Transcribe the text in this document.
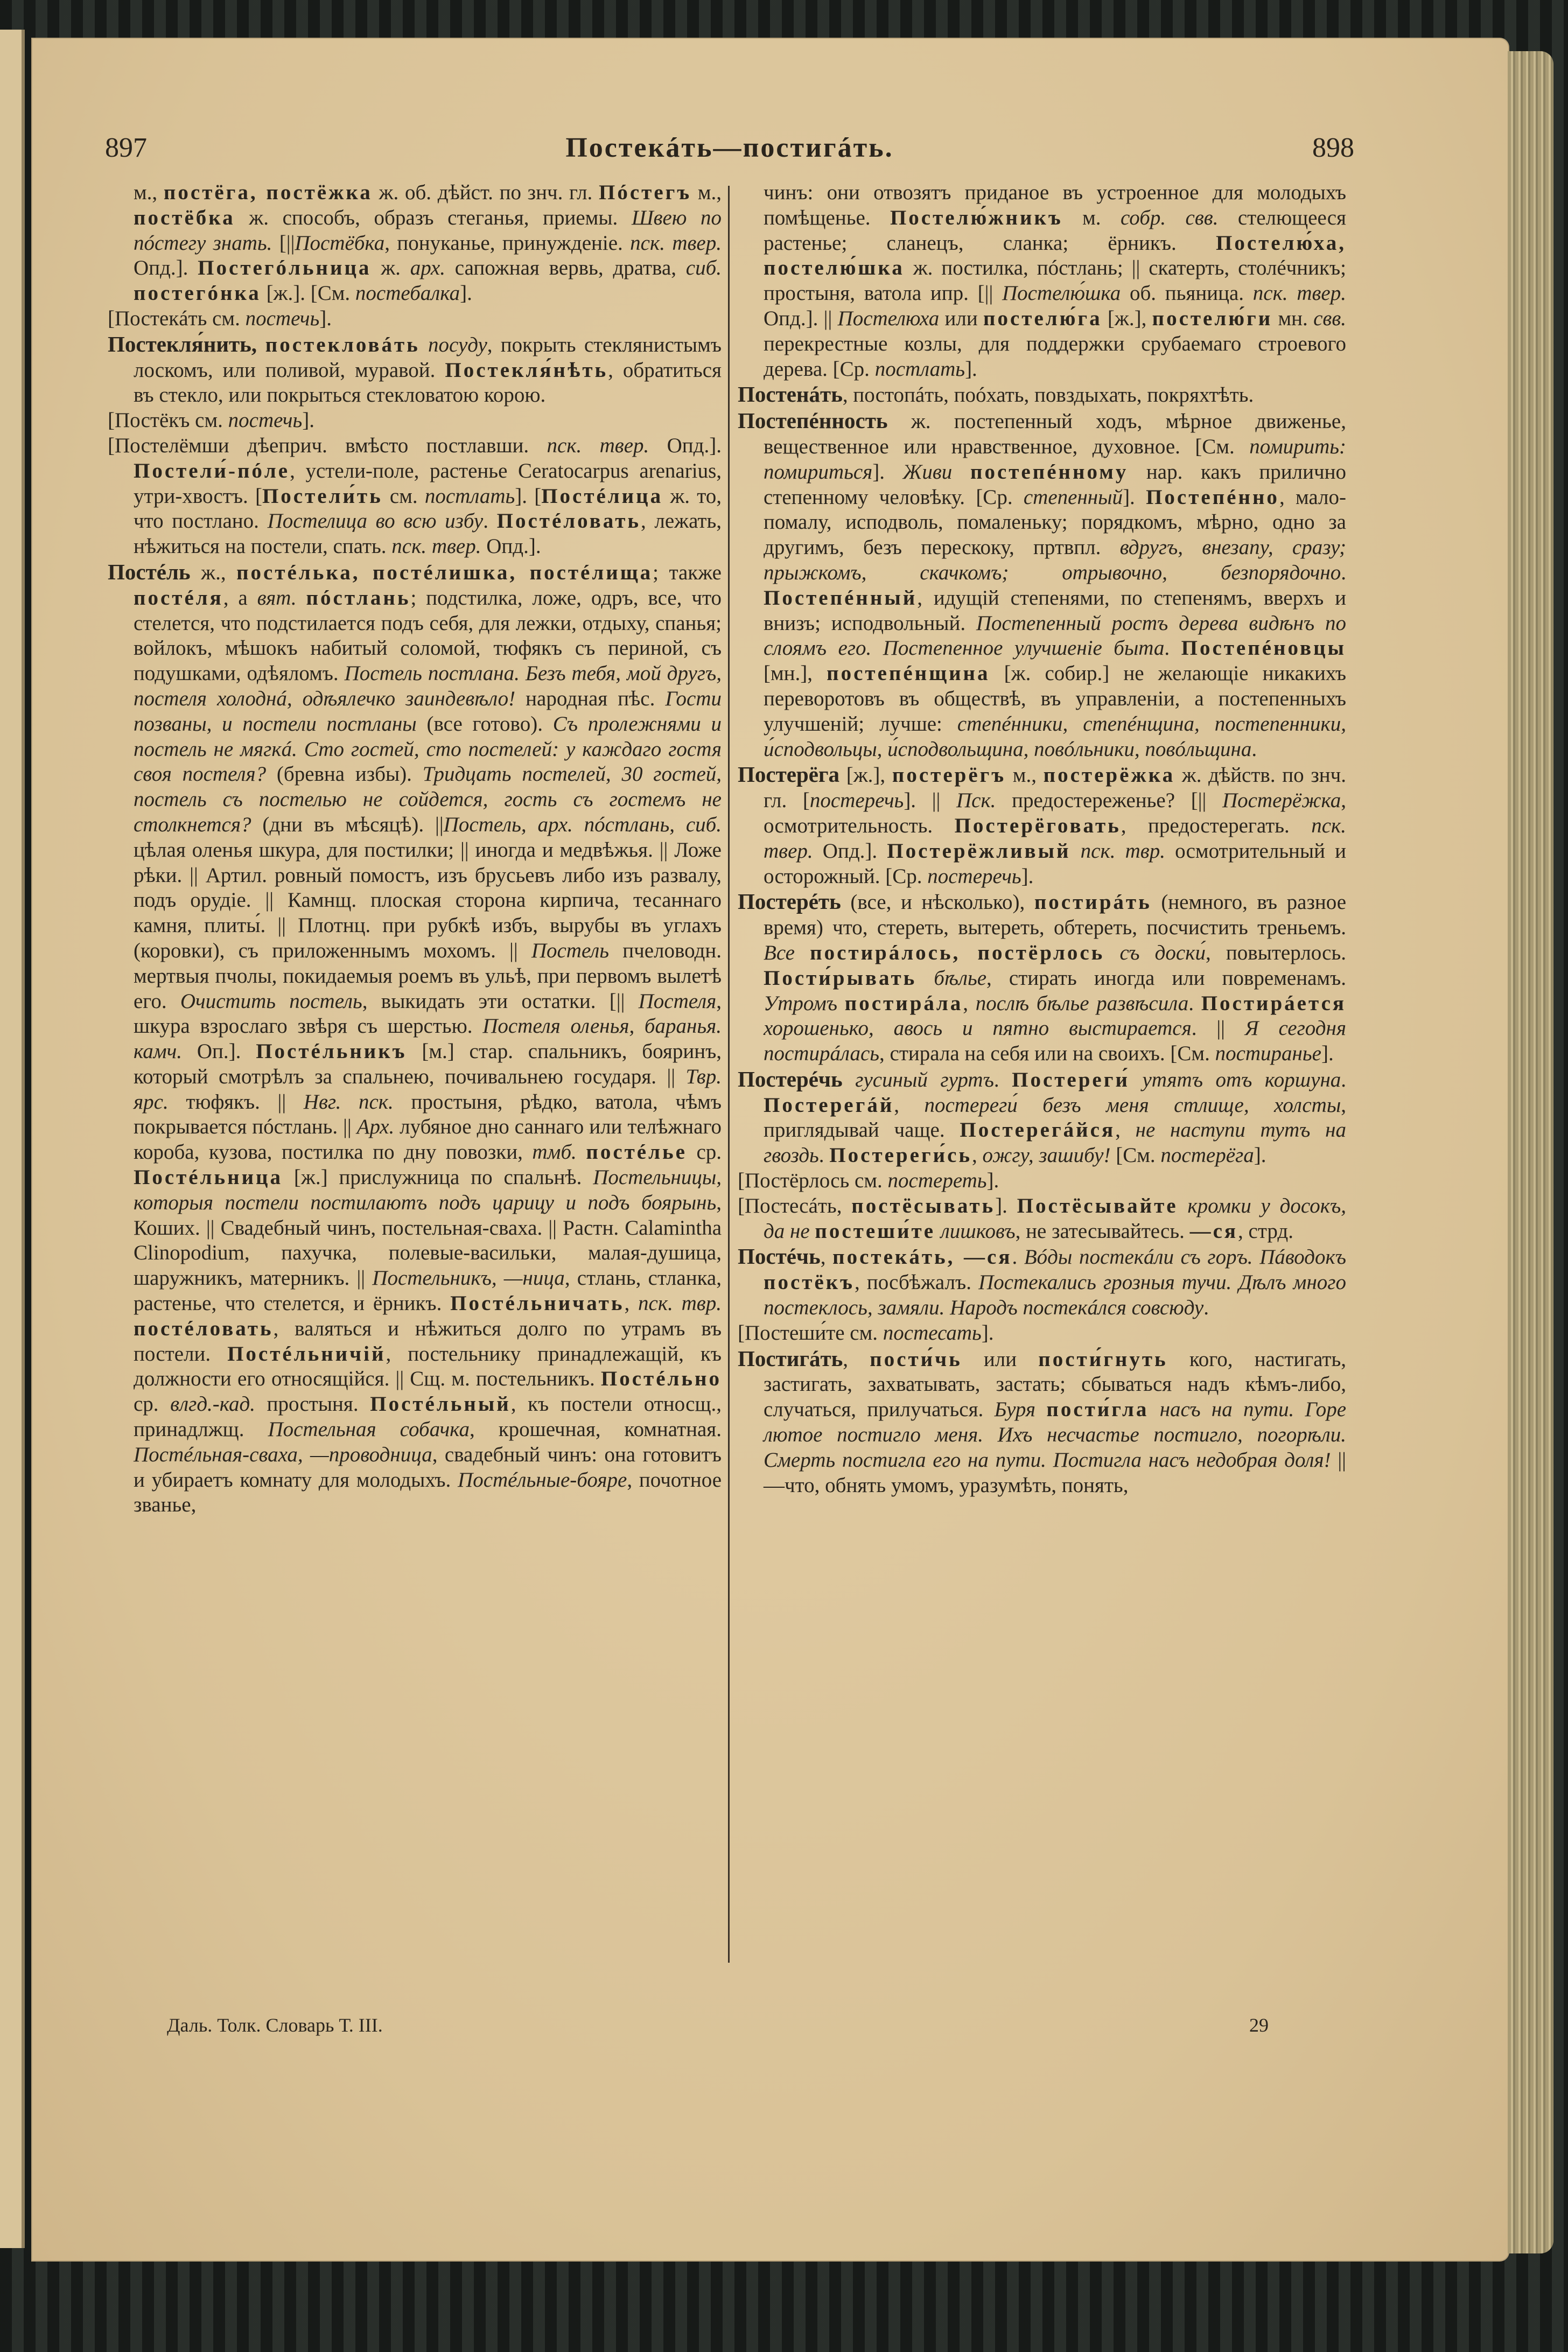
897	Постекáть—постигáть.	898

м., постёга, постёжка ж. об. дѣйст. по знч. гл. Пóстегъ м., постёбка ж. способъ, образъ стеганья, приемы. Швею по пóстегу знать. [||Постёбка, понуканье, принужденіе. пск. твер. Опд.]. Постегóльница ж. арх. сапожная вервь, дратва, сиб. постегóнка [ж.]. [См. постебалка].

[Постекáть см. постечь].

Постекля́нить, постекловáть посуду, покрыть стеклянистымъ лоскомъ, или поливой, муравой. Постекля́нѣть, обратиться въ стекло, или покрыться стекловатою корою.

[Постёкъ см. постечь].

[Постелёмши дѣеприч. вмѣсто постлавши. пск. твер. Опд.]. Постели́-пóле, устели-поле, растенье Ceratocarpus arenarius, утри-хвостъ. [Постели́ть см. постлать]. [Постéлица ж. то, что постлано. Постелица во всю избу. Постéловать, лежать, нѣжиться на постели, спать. пск. твер. Опд.].

Постéль ж., постéлька, постéлишка, постéлища; также постéля, а вят. пóстлань; подстилка, ложе, одръ, все, что стелется, что подстилается подъ себя, для лежки, отдыху, спанья; войлокъ, мѣшокъ набитый соломой, тюфякъ съ периной, съ подушками, одѣяломъ. Постель постлана. Безъ тебя, мой другъ, постеля холоднá, одѣялечко заиндевѣло! народная пѣс. Гости позваны, и постели постланы (все готово). Съ пролежнями и постель не мягкá. Сто гостей, сто постелей: у каждаго гостя своя постеля? (бревна избы). Тридцать постелей, 30 гостей, постель съ постелью не сойдется, гость съ гостемъ не столкнется? (дни въ мѣсяцѣ). ||Постель, арх. пóстлань, сиб. цѣлая оленья шкура, для постилки; || иногда и медвѣжья. || Ложе рѣки. || Артил. ровный помостъ, изъ брусьевъ либо изъ развалу, подъ орудіе. || Камнщ. плоская сторона кирпича, тесаннаго камня, плиты́. || Плотнц. при рубкѣ избъ, вырубы въ углахъ (коровки), съ приложеннымъ мохомъ. || Постель пчеловодн. мертвыя пчолы, покидаемыя роемъ въ ульѣ, при первомъ вылетѣ его. Очистить постель, выкидать эти остатки. [|| Постеля, шкура взрослаго звѣря съ шерстью. Постеля оленья, баранья. камч. Оп.]. Постéльникъ [м.] стар. спальникъ, бояринъ, который смотрѣлъ за спальнею, почивальнею государя. || Твр. ярс. тюфякъ. || Нвг. пск. простыня, рѣдко, ватола, чѣмъ покрывается пóстлань. || Арх. лубяное дно саннаго или телѣжнаго короба, кузова, постилка по дну повозки, тмб. постéлье ср. Постéльница [ж.] прислужница по спальнѣ. Постельницы, которыя постели постилаютъ подъ царицу и подъ боярынь, Коших. || Свадебный чинъ, постельная-сваха. || Растн. Calamintha Clinopodium, пахучка, полевые-васильки, малая-душица, шаружникъ, матерникъ. || Постельникъ, —ница, стлань, стланка, растенье, что стелется, и ёрникъ. Постéльничать, пск. твр. постéловать, валяться и нѣжиться долго по утрамъ въ постели. Постéльничій, постельнику принадлежащій, къ должности его относящійся. || Сщ. м. постельникъ. Постéльно ср. влгд.-кад. простыня. Постéльный, къ постели относщ., принадлжщ. Постельная собачка, крошечная, комнатная. Постéльная-сваха, —проводница, свадебный чинъ: она готовитъ и убираетъ комнату для молодыхъ. Постéльные-бояре, почотное званье,

чинъ: они отвозятъ приданое въ устроенное для молодыхъ помѣщенье. Постелю́жникъ м. собр. свв. стелющееся растенье; сланецъ, сланка; ёрникъ. Постелю́ха, постелю́шка ж. постилка, пóстлань; || скатерть, столéчникъ; простыня, ватола ипр. [|| Постелю́шка об. пьяница. пск. твер. Опд.]. || Постелюха или постелю́га [ж.], постелю́ги мн. свв. перекрестные козлы, для поддержки срубаемаго строевого дерева. [Ср. постлать].

Постенáть, постопáть, поóхать, повздыхать, покряхтѣть.

Постепéнность ж. постепенный ходъ, мѣрное движенье, вещественное или нравственное, духовное. [См. помирить: помириться]. Живи постепéнному нар. какъ прилично степенному человѣку. [Ср. степенный]. Постепéнно, мало-помалу, исподволь, помаленьку; порядкомъ, мѣрно, одно за другимъ, безъ перескоку, пртвпл. вдругъ, внезапу, сразу; прыжкомъ, скачкомъ; отрывочно, безпорядочно. Постепéнный, идущій степенями, по степенямъ, вверхъ и внизъ; исподвольный. Постепенный ростъ дерева видѣнъ по слоямъ его. Постепенное улучшеніе быта. Постепéновцы [мн.], постепéнщина [ж. собир.] не желающіе никакихъ переворотовъ въ обществѣ, въ управленіи, а постепенныхъ улучшеній; лучше: степéнники, степéнщина, постепенники, и́сподвольцы, и́сподвольщина, повóльники, повóльщина.

Постерёга [ж.], постерёгъ м., постерёжка ж. дѣйств. по знч. гл. [постеречь]. || Пск. предостереженье? [|| Постерёжка, осмотрительность. Постерёговать, предостерегать. пск. твер. Опд.]. Постерёжливый пск. твр. осмотрительный и осторожный. [Ср. постеречь].

Постерéть (все, и нѣсколько), постирáть (немного, въ разное время) что, стереть, вытереть, обтереть, посчистить треньемъ. Все постирáлось, постёрлось съ доски́, повытерлось. Пости́рывать бѣлье, стирать иногда или повременамъ. Утромъ постирáла, послѣ бѣлье развѣсила. Постирáется хорошенько, авось и пятно выстирается. || Я сегодня постирáлась, стирала на себя или на своихъ. [См. постиранье].

Постерéчь гусиный гуртъ. Постереги́ утятъ отъ коршуна. Постерегáй, постереги́ безъ меня стлище, холсты, приглядывай чаще. Постерегáйся, не наступи тутъ на гвоздь. Постереги́сь, ожгу, зашибу! [См. постерёга].

[Постёрлось см. постереть].

[Постесáть, постёсывать]. Постёсывайте кромки у досокъ, да не постеши́те лишковъ, не затесывайтесь. —ся, стрд.

Постéчь, постекáть, —ся. Вóды постекáли съ горъ. Пáводокъ постёкъ, посбѣжалъ. Постекались грозныя тучи. Дѣлъ много постеклось, замяли. Народъ постекáлся совсюду.

[Постеши́те см. постесать].

Постигáть, пости́чь или пости́гнуть кого, настигать, застигать, захватывать, застать; сбываться надъ кѣмъ-либо, случаться, прилучаться. Буря пости́гла насъ на пути. Горе лютое постигло меня. Ихъ несчастье постигло, погорѣли. Смерть постигла его на пути. Постигла насъ недобрая доля! || —что, обнять умомъ, уразумѣть, понять,

Даль. Толк. Словарь Т. III.	29
